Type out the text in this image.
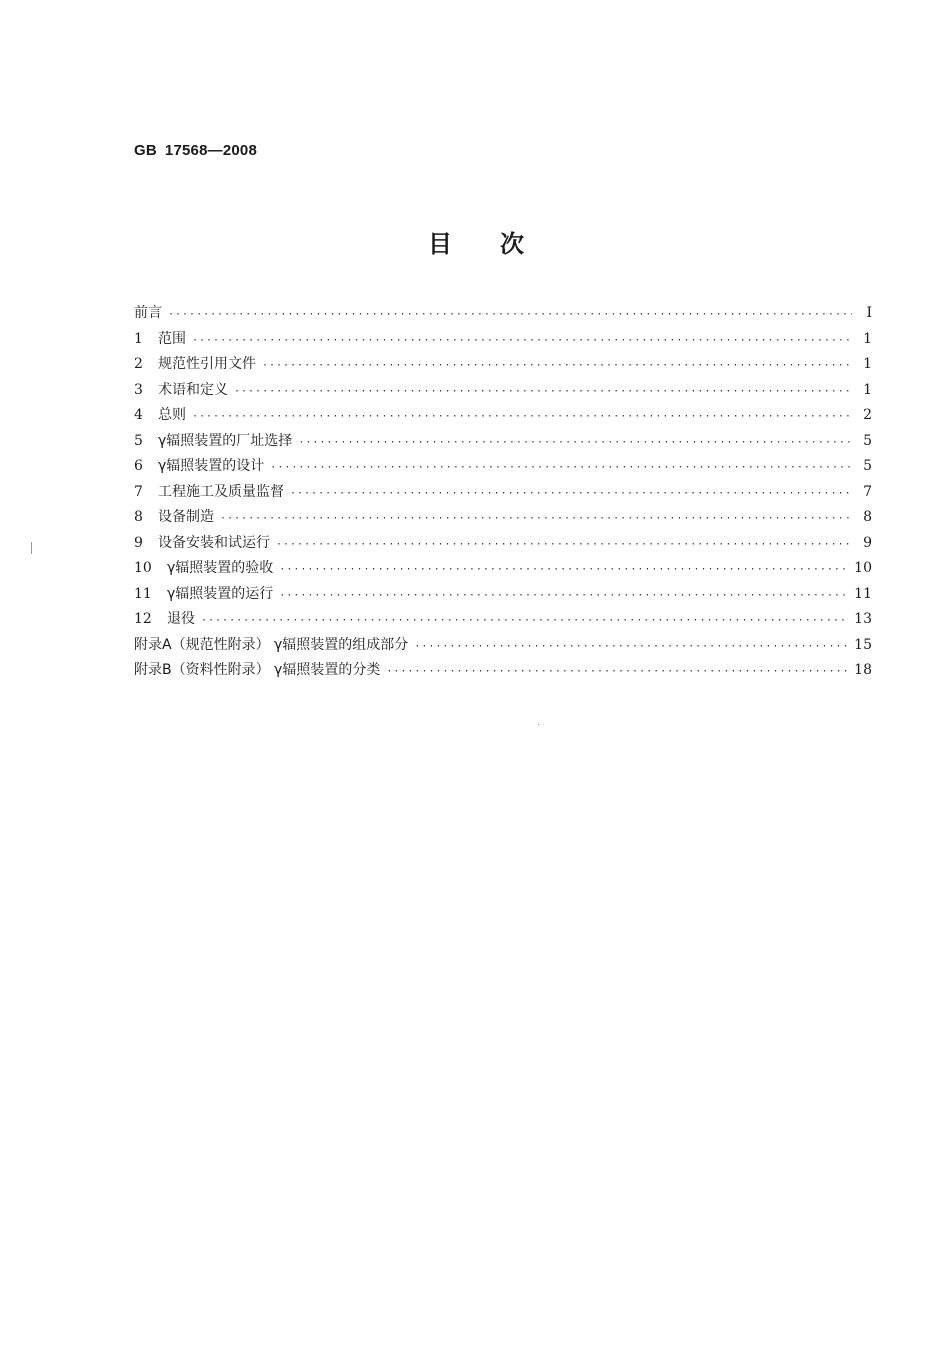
GB 17568—2008
目次
前言 ·····	I
1 范围 ·····	1
2 规范性引用文件 ·····	1
3 术语和定义 ·····	1
4 总则 ·····	2
5 γ辐照装置的厂址选择 ·····	5
6 γ辐照装置的设计 ·····	5
7 工程施工及质量监督 ·····	7
8 设备制造 ·····	8
9 设备安装和试运行 ·····	9
10 γ辐照装置的验收 ·····	10
11 γ辐照装置的运行 ·····	11
12 退役 ·····	13
附录A（规范性附录） γ辐照装置的组成部分 ·····	15
附录B（资料性附录） γ辐照装置的分类 ·····	18
